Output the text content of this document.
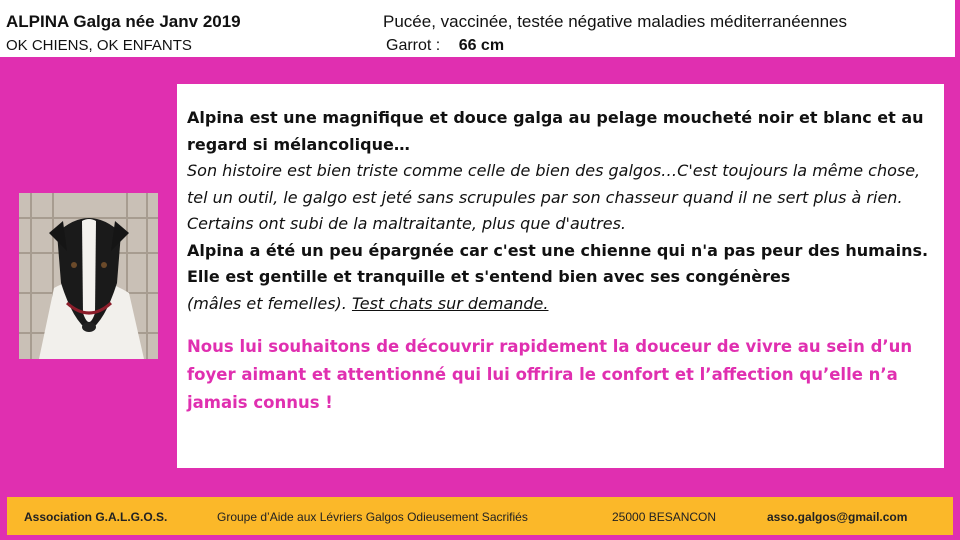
ALPINA Galga née Janv 2019
OK CHIENS, OK ENFANTS
Pucée, vaccinée, testée négative maladies méditerranéennes
Garrot : 66 cm
Alpina est une magnifique et douce galga au pelage moucheté noir et blanc et au regard si mélancolique…
Son histoire est bien triste comme celle de bien des galgos…C'est toujours la même chose, tel un outil, le galgo est jeté sans scrupules par son chasseur quand il ne sert plus à rien. Certains ont subi de la maltraitante, plus que d'autres.
Alpina a été un peu épargnée car c'est une chienne qui n'a pas peur des humains.
Elle est gentille et tranquille et s'entend bien avec ses congénères
(mâles et femelles). Test chats sur demande.
Nous lui souhaitons de découvrir rapidement la douceur de vivre au sein d’un foyer aimant et attentionné qui lui offrira le confort et l’affection qu’elle n’a jamais connus !
Association G.A.L.G.O.S.	Groupe d’Aide aux Lévriers Galgos Odieusement Sacrifiés	25000 BESANCON	asso.galgos@gmail.com
